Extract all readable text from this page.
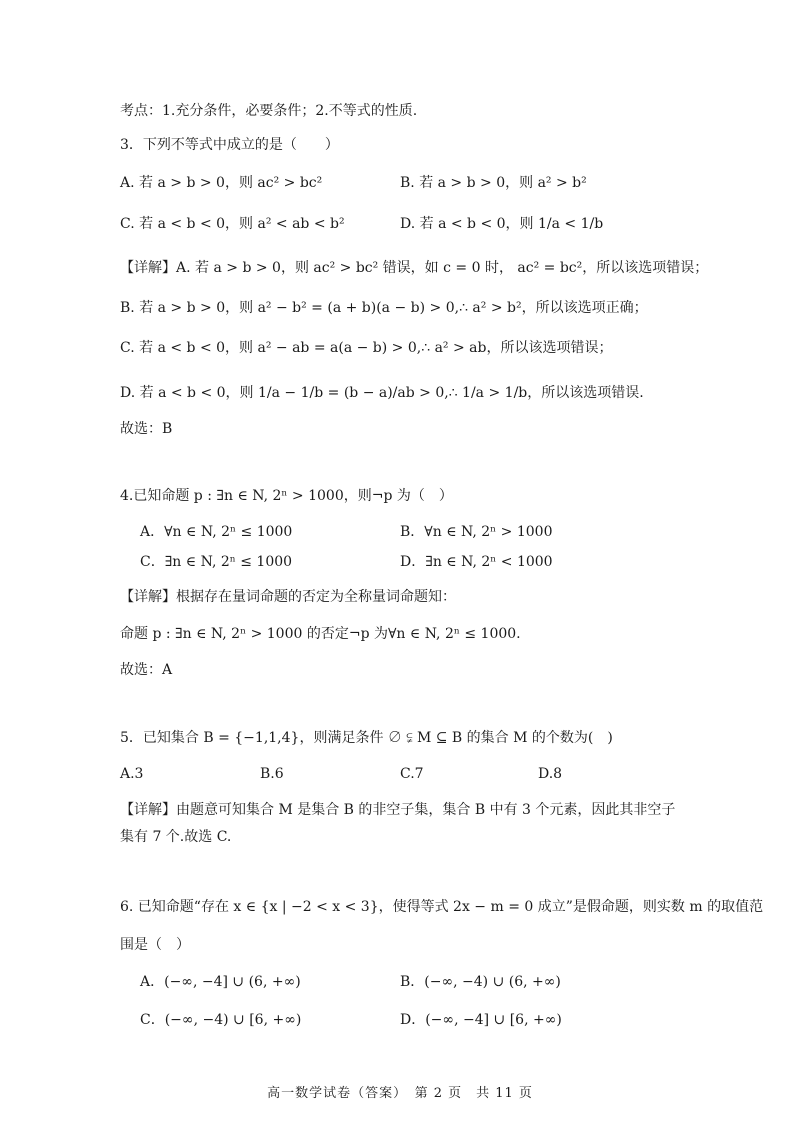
考点：1.充分条件，必要条件；2.不等式的性质.
3．下列不等式中成立的是（　　）
A. 若 a > b > 0，则 ac² > bc²	B. 若 a > b > 0，则 a² > b²
C. 若 a < b < 0，则 a² < ab < b²	D. 若 a < b < 0，则 1/a < 1/b
【详解】A. 若 a > b > 0，则 ac² > bc² 错误，如 c = 0 时， ac² = bc²，所以该选项错误；
B. 若 a > b > 0，则 a² − b² = (a + b)(a − b) > 0,∴ a² > b²，所以该选项正确；
C. 若 a < b < 0，则 a² − ab = a(a − b) > 0,∴ a² > ab，所以该选项错误；
D. 若 a < b < 0，则 1/a − 1/b = (b − a)/ab > 0,∴ 1/a > 1/b，所以该选项错误.
故选：B
4.已知命题 p : ∃n ∈ N, 2ⁿ > 1000，则¬p 为（　）
A．∀n ∈ N, 2ⁿ ≤ 1000	B．∀n ∈ N, 2ⁿ > 1000
C．∃n ∈ N, 2ⁿ ≤ 1000	D．∃n ∈ N, 2ⁿ < 1000
【详解】根据存在量词命题的否定为全称量词命题知：
命题 p : ∃n ∈ N, 2ⁿ > 1000 的否定¬p 为∀n ∈ N, 2ⁿ ≤ 1000.
故选：A
5．已知集合 B = {−1,1,4}，则满足条件 ∅ ⫋ M ⊆ B 的集合 M 的个数为(　)
A.3	B.6	C.7	D.8
【详解】由题意可知集合 M 是集合 B 的非空子集，集合 B 中有 3 个元素，因此其非空子
集有 7 个.故选 C.
6. 已知命题“存在 x ∈ {x | −2 < x < 3}，使得等式 2x − m = 0 成立”是假命题，则实数 m 的取值范
围是（　）
A．(−∞, −4] ∪ (6, +∞)	B．(−∞, −4) ∪ (6, +∞)
C．(−∞, −4) ∪ [6, +∞)	D．(−∞, −4] ∪ [6, +∞)
高一数学试卷（答案）　第 2 页　共 11 页
